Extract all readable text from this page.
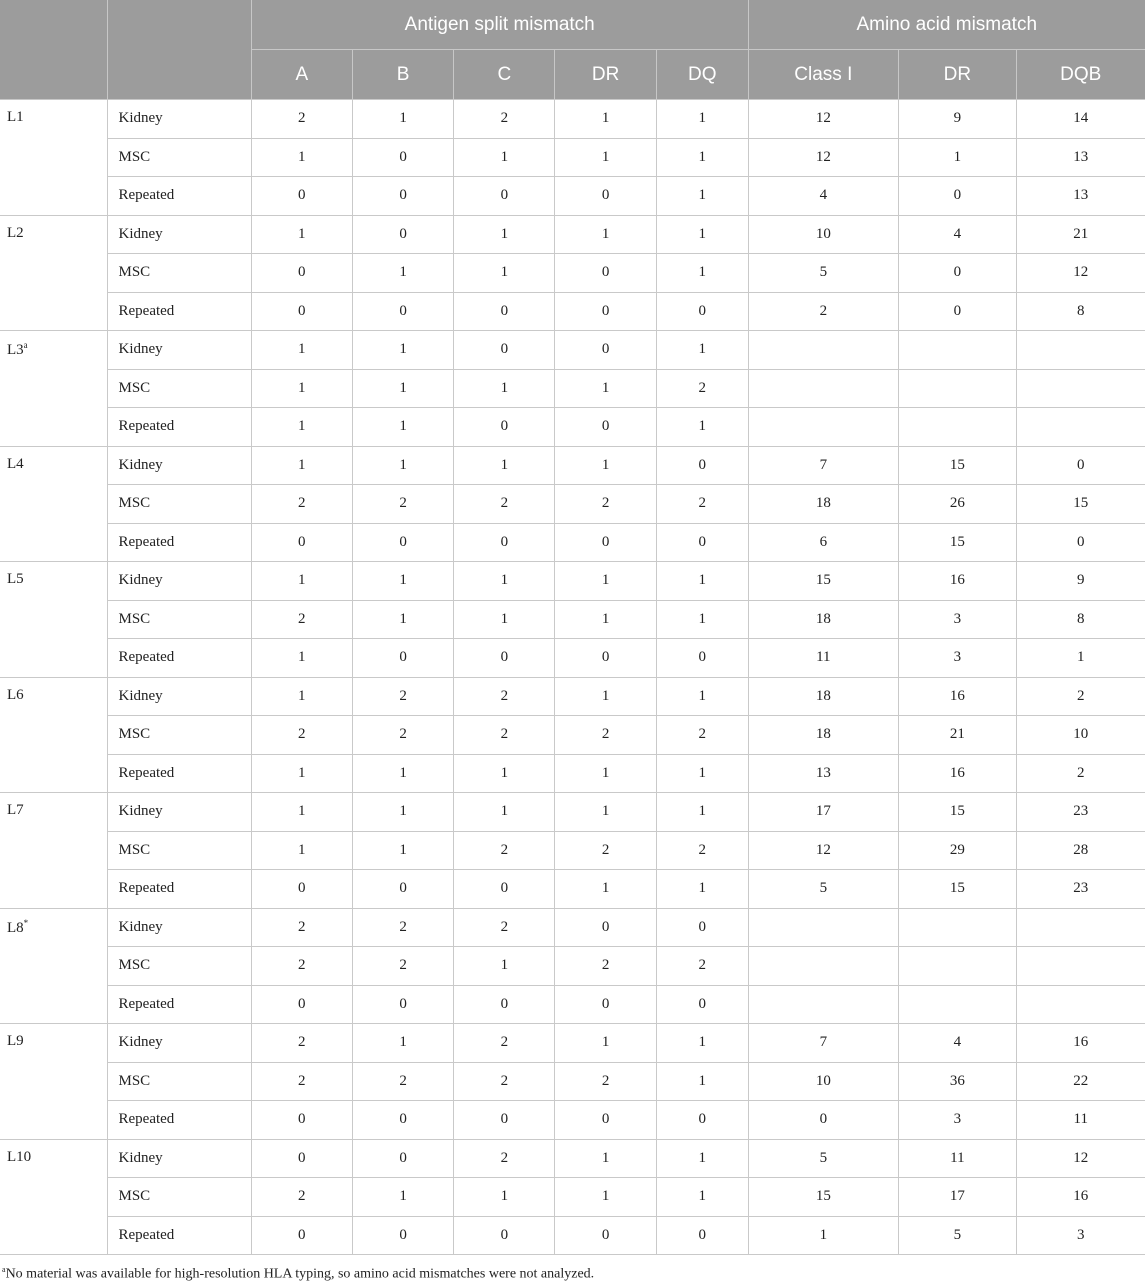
		Antigen split mismatch					Amino acid mismatch		
		A	B	C	DR	DQ	Class I	DR	DQB
L1	Kidney	2	1	2	1	1	12	9	14
	MSC	1	0	1	1	1	12	1	13
	Repeated	0	0	0	0	1	4	0	13
L2	Kidney	1	0	1	1	1	10	4	21
	MSC	0	1	1	0	1	5	0	12
	Repeated	0	0	0	0	0	2	0	8
L3$^a$	Kidney	1	1	0	0	1			
	MSC	1	1	1	1	2			
	Repeated	1	1	0	0	1			
L4	Kidney	1	1	1	1	0	7	15	0
	MSC	2	2	2	2	2	18	26	15
	Repeated	0	0	0	0	0	6	15	0
L5	Kidney	1	1	1	1	1	15	16	9
	MSC	2	1	1	1	1	18	3	8
	Repeated	1	0	0	0	0	11	3	1
L6	Kidney	1	2	2	1	1	18	16	2
	MSC	2	2	2	2	2	18	21	10
	Repeated	1	1	1	1	1	13	16	2
L7	Kidney	1	1	1	1	1	17	15	23
	MSC	1	1	2	2	2	12	29	28
	Repeated	0	0	0	1	1	5	15	23
L8*	Kidney	2	2	2	0	0			
	MSC	2	2	1	2	2			
	Repeated	0	0	0	0	0			
L9	Kidney	2	1	2	1	1	7	4	16
	MSC	2	2	2	2	1	10	36	22
	Repeated	0	0	0	0	0	0	3	11
L10	Kidney	0	0	2	1	1	5	11	12
	MSC	2	1	1	1	1	15	17	16
	Repeated	0	0	0	0	0	1	5	3
$^a$No material was available for high-resolution HLA typing, so amino acid mismatches were not analyzed.
